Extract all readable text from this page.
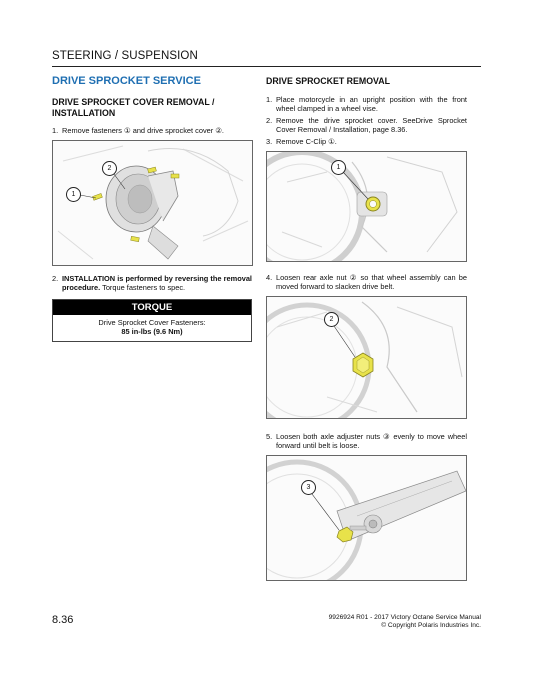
STEERING / SUSPENSION
DRIVE SPROCKET SERVICE
DRIVE SPROCKET COVER REMOVAL / INSTALLATION
1. Remove fasteners ① and drive sprocket cover ②.
1
2
2. INSTALLATION is performed by reversing the removal procedure. Torque fasteners to spec.
TORQUE
Drive Sprocket Cover Fasteners:
85 in-lbs (9.6 Nm)
DRIVE SPROCKET REMOVAL
1. Place motorcycle in an upright position with the front wheel clamped in a wheel vise.
2. Remove the drive sprocket cover. SeeDrive Sprocket Cover Removal / Installation, page 8.36.
3. Remove C-Clip ①.
1
4. Loosen rear axle nut ② so that wheel assembly can be moved forward to slacken drive belt.
2
5. Loosen both axle adjuster nuts ③ evenly to move wheel forward until belt is loose.
3
8.36	9926924 R01 - 2017 Victory Octane Service Manual
© Copyright Polaris Industries Inc.
